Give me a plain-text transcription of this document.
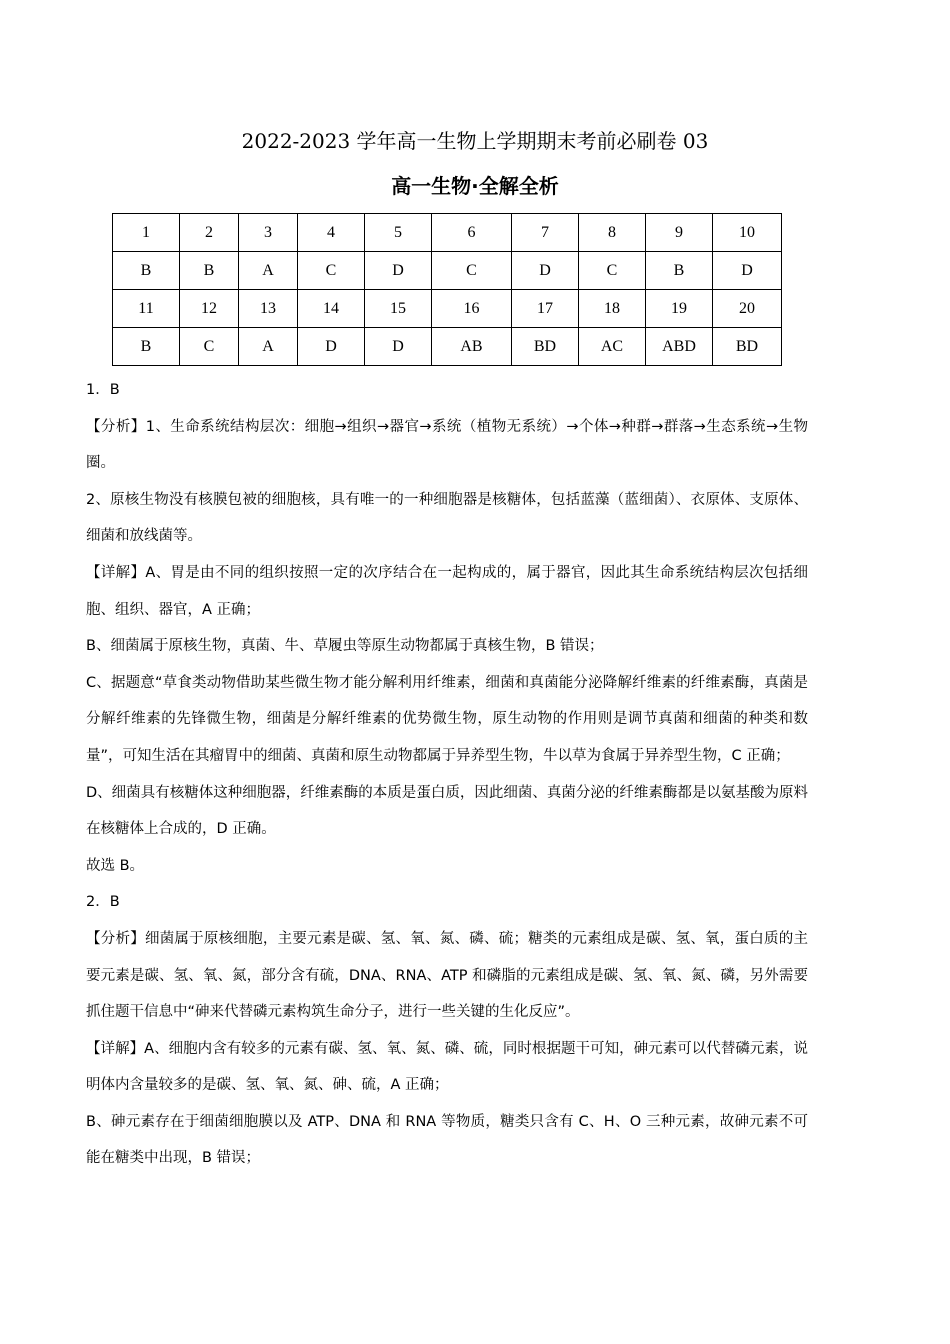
2022-2023 学年高一生物上学期期末考前必刷卷 03
高一生物·全解全析
1	2	3	4	5	6	7	8	9	10
B	B	A	C	D	C	D	C	B	D
11	12	13	14	15	16	17	18	19	20
B	C	A	D	D	AB	BD	AC	ABD	BD

1．B

【分析】1、生命系统结构层次：细胞→组织→器官→系统（植物无系统）→个体→种群→群落→生态系统→生物圈。

2、原核生物没有核膜包被的细胞核，具有唯一的一种细胞器是核糖体，包括蓝藻（蓝细菌）、衣原体、支原体、细菌和放线菌等。

【详解】A、胃是由不同的组织按照一定的次序结合在一起构成的，属于器官，因此其生命系统结构层次包括细胞、组织、器官，A 正确；

B、细菌属于原核生物，真菌、牛、草履虫等原生动物都属于真核生物，B 错误；

C、据题意“草食类动物借助某些微生物才能分解利用纤维素，细菌和真菌能分泌降解纤维素的纤维素酶，真菌是分解纤维素的先锋微生物，细菌是分解纤维素的优势微生物，原生动物的作用则是调节真菌和细菌的种类和数量”，可知生活在其瘤胃中的细菌、真菌和原生动物都属于异养型生物，牛以草为食属于异养型生物，C 正确；

D、细菌具有核糖体这种细胞器，纤维素酶的本质是蛋白质，因此细菌、真菌分泌的纤维素酶都是以氨基酸为原料在核糖体上合成的，D 正确。

故选 B。

2．B

【分析】细菌属于原核细胞，主要元素是碳、氢、氧、氮、磷、硫；糖类的元素组成是碳、氢、氧，蛋白质的主要元素是碳、氢、氧、氮，部分含有硫，DNA、RNA、ATP 和磷脂的元素组成是碳、氢、氧、氮、磷，另外需要抓住题干信息中“砷来代替磷元素构筑生命分子，进行一些关键的生化反应”。

【详解】A、细胞内含有较多的元素有碳、氢、氧、氮、磷、硫，同时根据题干可知，砷元素可以代替磷元素，说明体内含量较多的是碳、氢、氧、氮、砷、硫，A 正确；

B、砷元素存在于细菌细胞膜以及 ATP、DNA 和 RNA 等物质，糖类只含有 C、H、O 三种元素，故砷元素不可能在糖类中出现，B 错误；
